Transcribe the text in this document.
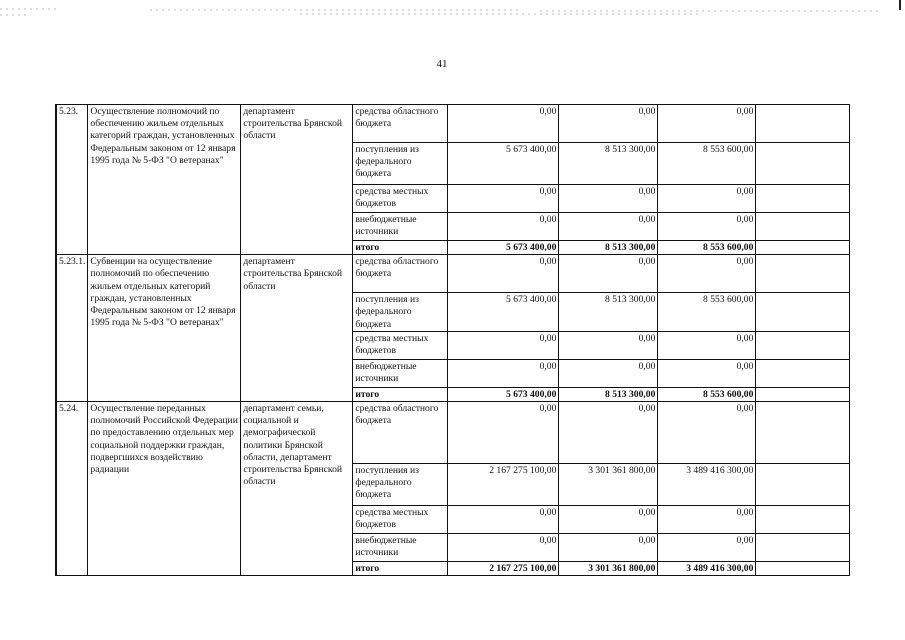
41
5.23.	Осуществление полномочий по обеспечению жильем отдельных категорий граждан, установленных Федеральным законом от 12 января 1995 года № 5-ФЗ "О ветеранах"	департамент строительства Брянской области	средства областного бюджета	0,00	0,00	0,00	
			поступления из федерального бюджета	5 673 400,00	8 513 300,00	8 553 600,00	
			средства местных бюджетов	0,00	0,00	0,00	
			внебюджетные источники	0,00	0,00	0,00	
			итого	5 673 400,00	8 513 300,00	8 553 600,00	
5.23.1.	Субвенции на осуществление полномочий по обеспечению жильем отдельных категорий граждан, установленных Федеральным законом от 12 января 1995 года № 5-ФЗ "О ветеранах"	департамент строительства Брянской области	средства областного бюджета	0,00	0,00	0,00	
			поступления из федерального бюджета	5 673 400,00	8 513 300,00	8 553 600,00	
			средства местных бюджетов	0,00	0,00	0,00	
			внебюджетные источники	0,00	0,00	0,00	
			итого	5 673 400,00	8 513 300,00	8 553 600,00	
5.24.	Осуществление переданных полномочий Российской Федерации по предоставлению отдельных мер социальной поддержки граждан, подвергшихся воздействию радиации	департамент семьи, социальной и демографической политики Брянской области, департамент строительства Брянской области	средства областного бюджета	0,00	0,00	0,00	
			поступления из федерального бюджета	2 167 275 100,00	3 301 361 800,00	3 489 416 300,00	
			средства местных бюджетов	0,00	0,00	0,00	
			внебюджетные источники	0,00	0,00	0,00	
			итого	2 167 275 100,00	3 301 361 800,00	3 489 416 300,00	
